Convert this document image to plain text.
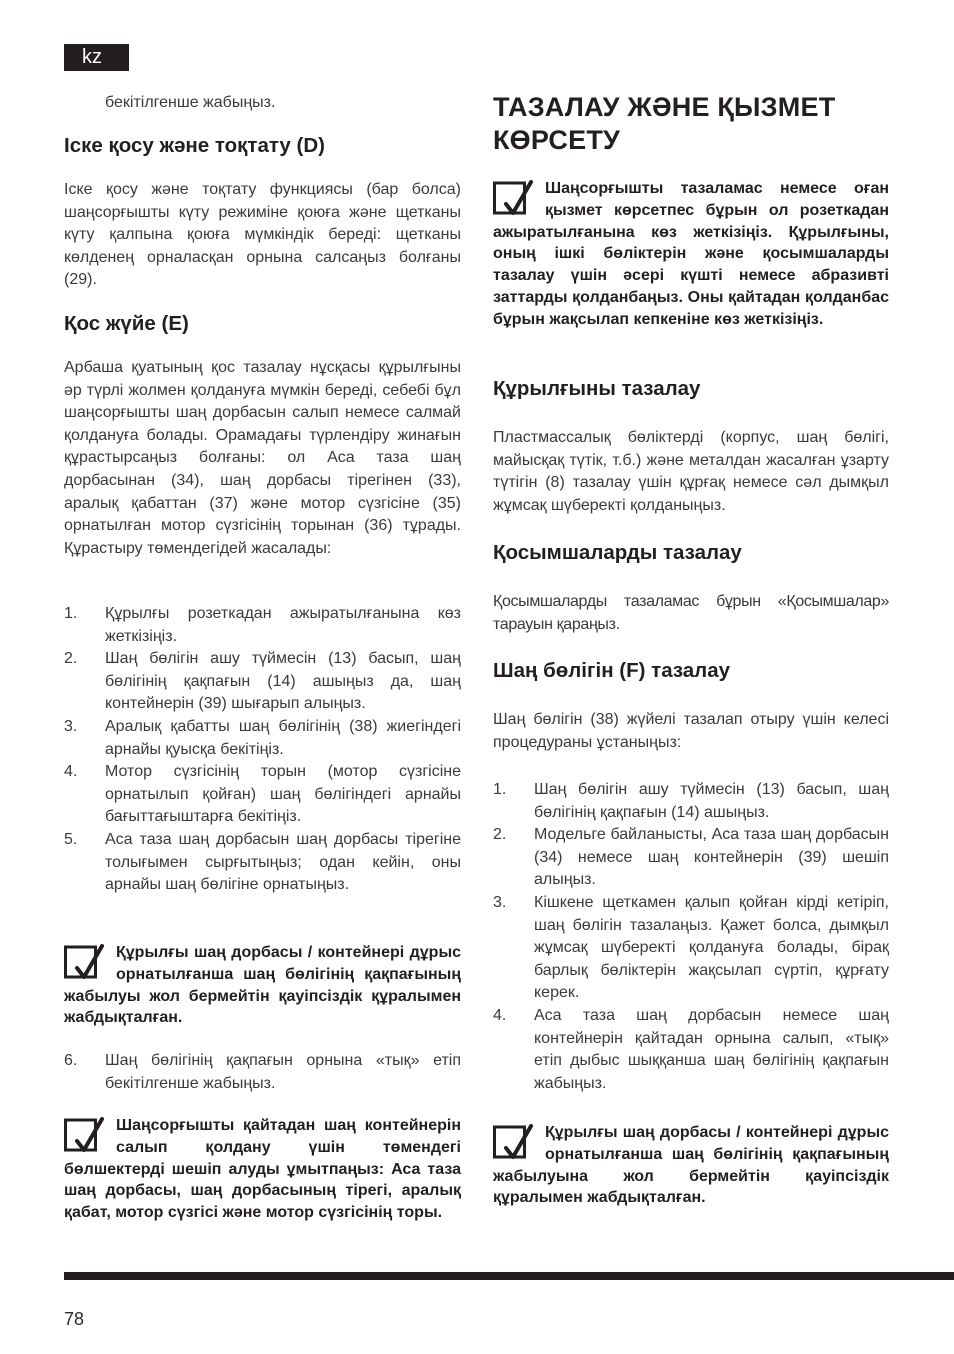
kz

бекітілгенше жабыңыз.

Іске қосу және тоқтату (D)

Іске қосу және тоқтату функциясы (бар болса) шаңсорғышты күту режиміне қоюға және щетканы күту қалпына қоюға мүмкіндік береді: щетканы көлденең орналасқан орнына салсаңыз болғаны (29).

Қос жүйе (E)

Арбаша қуатының қос тазалау нұсқасы құрылғыны әр түрлі жолмен қолдануға мүмкін береді, себебі бұл шаңсорғышты шаң дорбасын салып немесе салмай қолдануға болады. Орамадағы түрлендіру жинағын құрастырсаңыз болғаны: ол Аса таза шаң дорбасынан (34), шаң дорбасы тірегінен (33), аралық қабаттан (37) және мотор сүзгісіне (35) орнатылған мотор сүзгісінің торынан (36) тұрады. Құрастыру төмендегідей жасалады:

1. Құрылғы розеткадан ажыратылғанына көз жеткізіңіз.
2. Шаң бөлігін ашу түймесін (13) басып, шаң бөлігінің қақпағын (14) ашыңыз да, шаң контейнерін (39) шығарып алыңыз.
3. Аралық қабатты шаң бөлігінің (38) жиегіндегі арнайы қуысқа бекітіңіз.
4. Мотор сүзгісінің торын (мотор сүзгісіне орнатылып қойған) шаң бөлігіндегі арнайы бағыттағыштарға бекітіңіз.
5. Аса таза шаң дорбасын шаң дорбасы тірегіне толығымен сырғытыңыз; одан кейін, оны арнайы шаң бөлігіне орнатыңыз.

Құрылғы шаң дорбасы / контейнері дұрыс орнатылғанша шаң бөлігінің қақпағының жабылуы жол бермейтін қауіпсіздік құралымен жабдықталған.

6. Шаң бөлігінің қақпағын орнына «тық» етіп бекітілгенше жабыңыз.

Шаңсорғышты қайтадан шаң контейнерін салып қолдану үшін төмендегі бөлшектерді шешіп алуды ұмытпаңыз: Аса таза шаң дорбасы, шаң дорбасының тірегі, аралық қабат, мотор сүзгісі және мотор сүзгісінің торы.

ТАЗАЛАУ ЖӘНЕ ҚЫЗМЕТ
КӨРСЕТУ

Шаңсорғышты тазаламас немесе оған қызмет көрсетпес бұрын ол розеткадан ажыратылғанына көз жеткізіңіз. Құрылғыны, оның ішкі бөліктерін және қосымшаларды тазалау үшін әсері күшті немесе абразивті заттарды қолданбаңыз. Оны қайтадан қолданбас бұрын жақсылап кепкеніне көз жеткізіңіз.

Құрылғыны тазалау

Пластмассалық бөліктерді (корпус, шаң бөлігі, майысқақ түтік, т.б.) және металдан жасалған ұзарту түтігін (8) тазалау үшін құрғақ немесе сәл дымқыл жұмсақ шүберекті қолданыңыз.

Қосымшаларды тазалау

Қосымшаларды тазаламас бұрын «Қосымшалар» тарауын қараңыз.

Шаң бөлігін (F) тазалау

Шаң бөлігін (38) жүйелі тазалап отыру үшін келесі процедураны ұстаныңыз:

1. Шаң бөлігін ашу түймесін (13) басып, шаң бөлігінің қақпағын (14) ашыңыз.
2. Модельге байланысты, Аса таза шаң дорбасын (34) немесе шаң контейнерін (39) шешіп алыңыз.
3. Кішкене щеткамен қалып қойған кірді кетіріп, шаң бөлігін тазалаңыз. Қажет болса, дымқыл жұмсақ шүберекті қолдануға болады, бірақ барлық бөліктерін жақсылап сүртіп, құрғату керек.
4. Аса таза шаң дорбасын немесе шаң контейнерін қайтадан орнына салып, «тық» етіп дыбыс шыққанша шаң бөлігінің қақпағын жабыңыз.

Құрылғы шаң дорбасы / контейнері дұрыс орнатылғанша шаң бөлігінің қақпағының жабылуына жол бермейтін қауіпсіздік құралымен жабдықталған.

78
